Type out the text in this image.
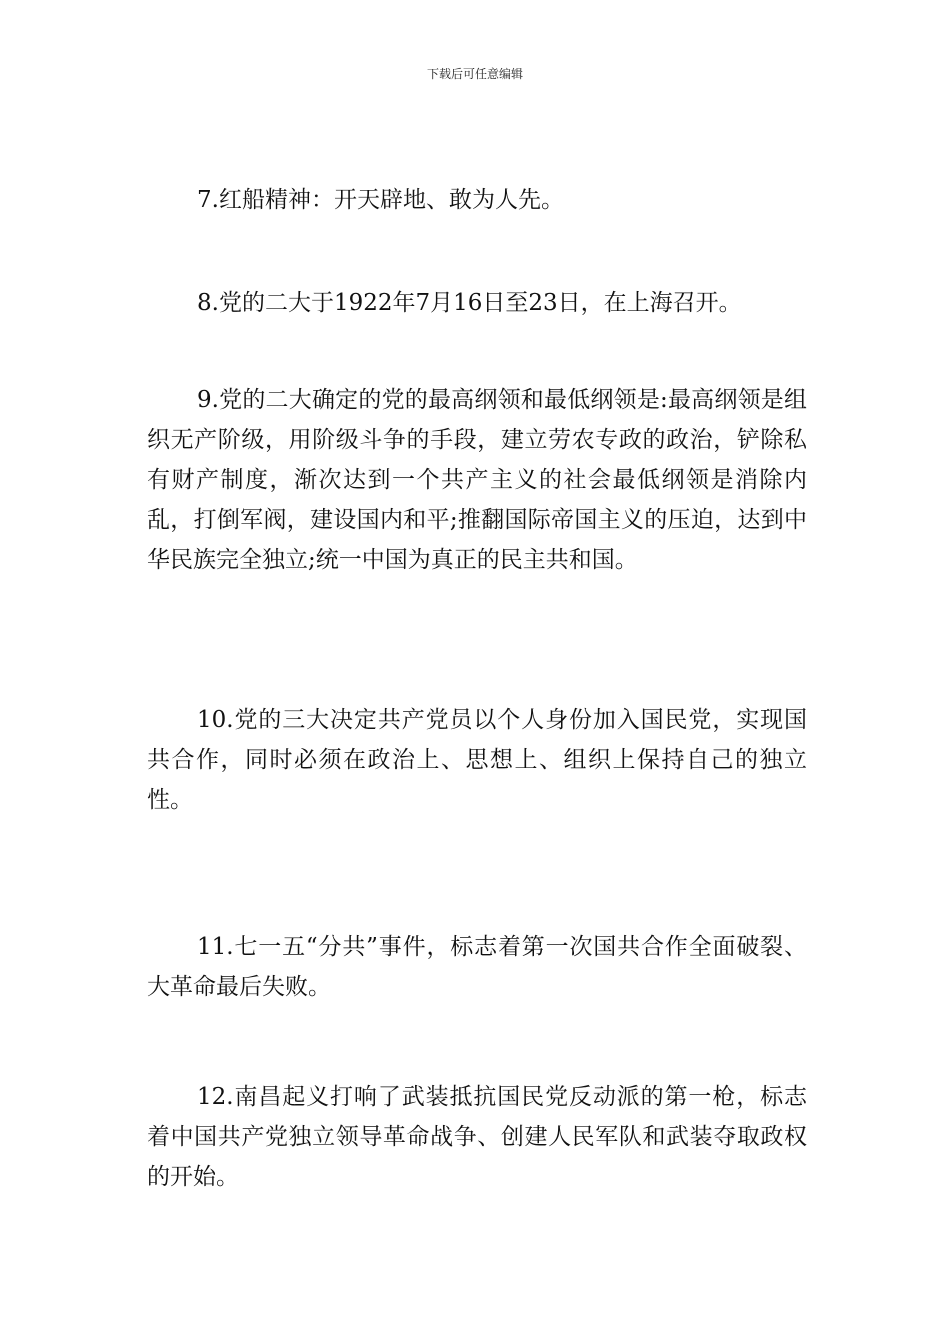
下载后可任意编辑

7.红船精神：开天辟地、敢为人先。

8.党的二大于1922年7月16日至23日，在上海召开。

9.党的二大确定的党的最高纲领和最低纲领是:最高纲领是组织无产阶级，用阶级斗争的手段，建立劳农专政的政治，铲除私有财产制度，渐次达到一个共产主义的社会最低纲领是消除内乱，打倒军阀，建设国内和平;推翻国际帝国主义的压迫，达到中华民族完全独立;统一中国为真正的民主共和国。

10.党的三大决定共产党员以个人身份加入国民党，实现国共合作，同时必须在政治上、思想上、组织上保持自己的独立性。

11.七一五“分共”事件，标志着第一次国共合作全面破裂、大革命最后失败。

12.南昌起义打响了武装抵抗国民党反动派的第一枪，标志着中国共产党独立领导革命战争、创建人民军队和武装夺取政权的开始。
